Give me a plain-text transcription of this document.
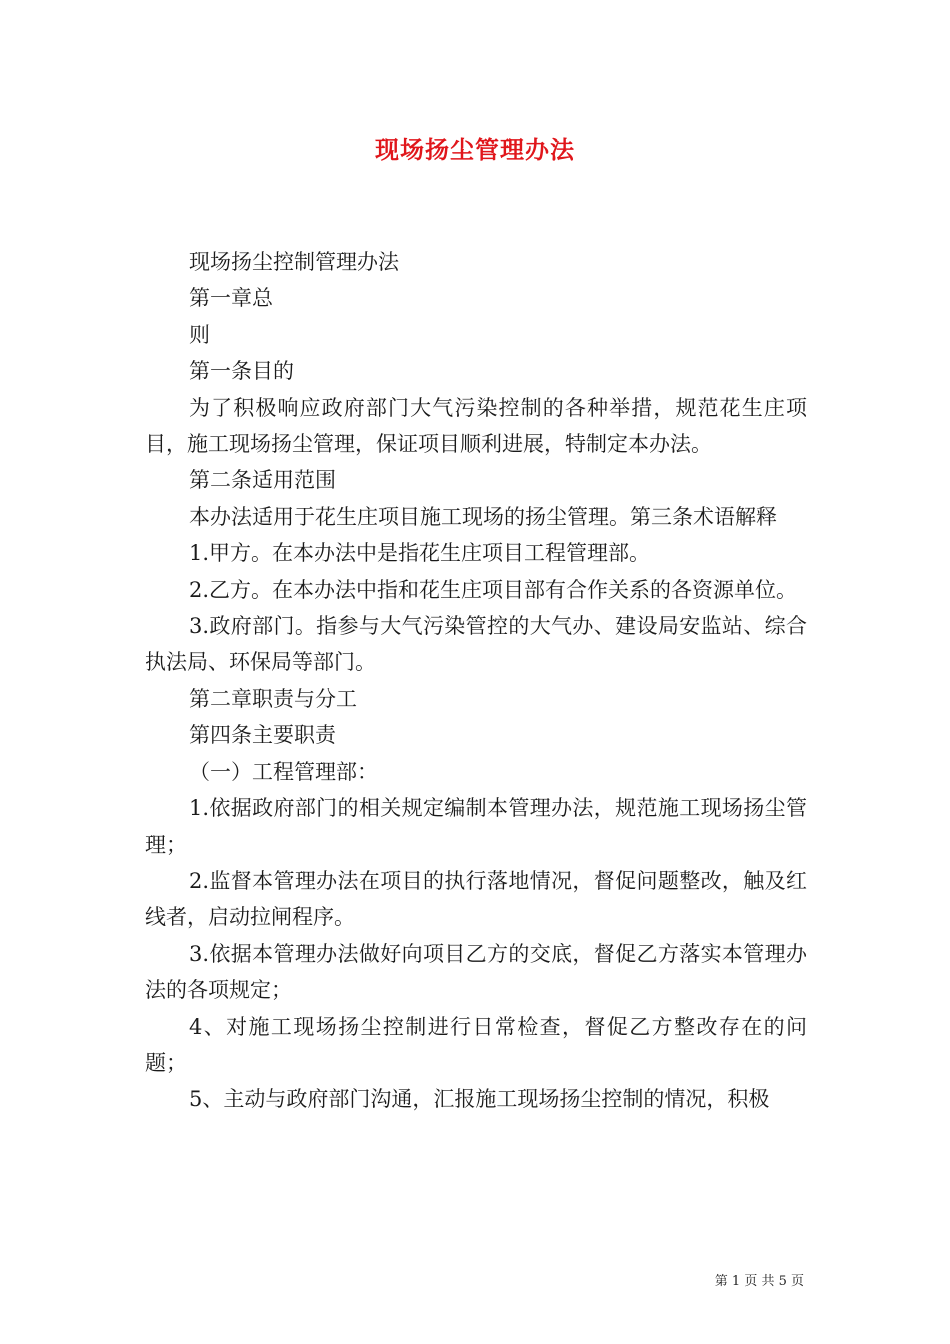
现场扬尘管理办法

现场扬尘控制管理办法

第一章总

则

第一条目的

为了积极响应政府部门大气污染控制的各种举措，规范花生庄项目，施工现场扬尘管理，保证项目顺利进展，特制定本办法。

第二条适用范围

本办法适用于花生庄项目施工现场的扬尘管理。第三条术语解释

1.甲方。在本办法中是指花生庄项目工程管理部。

2.乙方。在本办法中指和花生庄项目部有合作关系的各资源单位。

3.政府部门。指参与大气污染管控的大气办、建设局安监站、综合执法局、环保局等部门。

第二章职责与分工

第四条主要职责

（一）工程管理部：

1.依据政府部门的相关规定编制本管理办法，规范施工现场扬尘管理；

2.监督本管理办法在项目的执行落地情况，督促问题整改，触及红线者，启动拉闸程序。

3.依据本管理办法做好向项目乙方的交底，督促乙方落实本管理办法的各项规定；

4、对施工现场扬尘控制进行日常检查，督促乙方整改存在的问题；

5、主动与政府部门沟通，汇报施工现场扬尘控制的情况，积极

第 1 页 共 5 页
